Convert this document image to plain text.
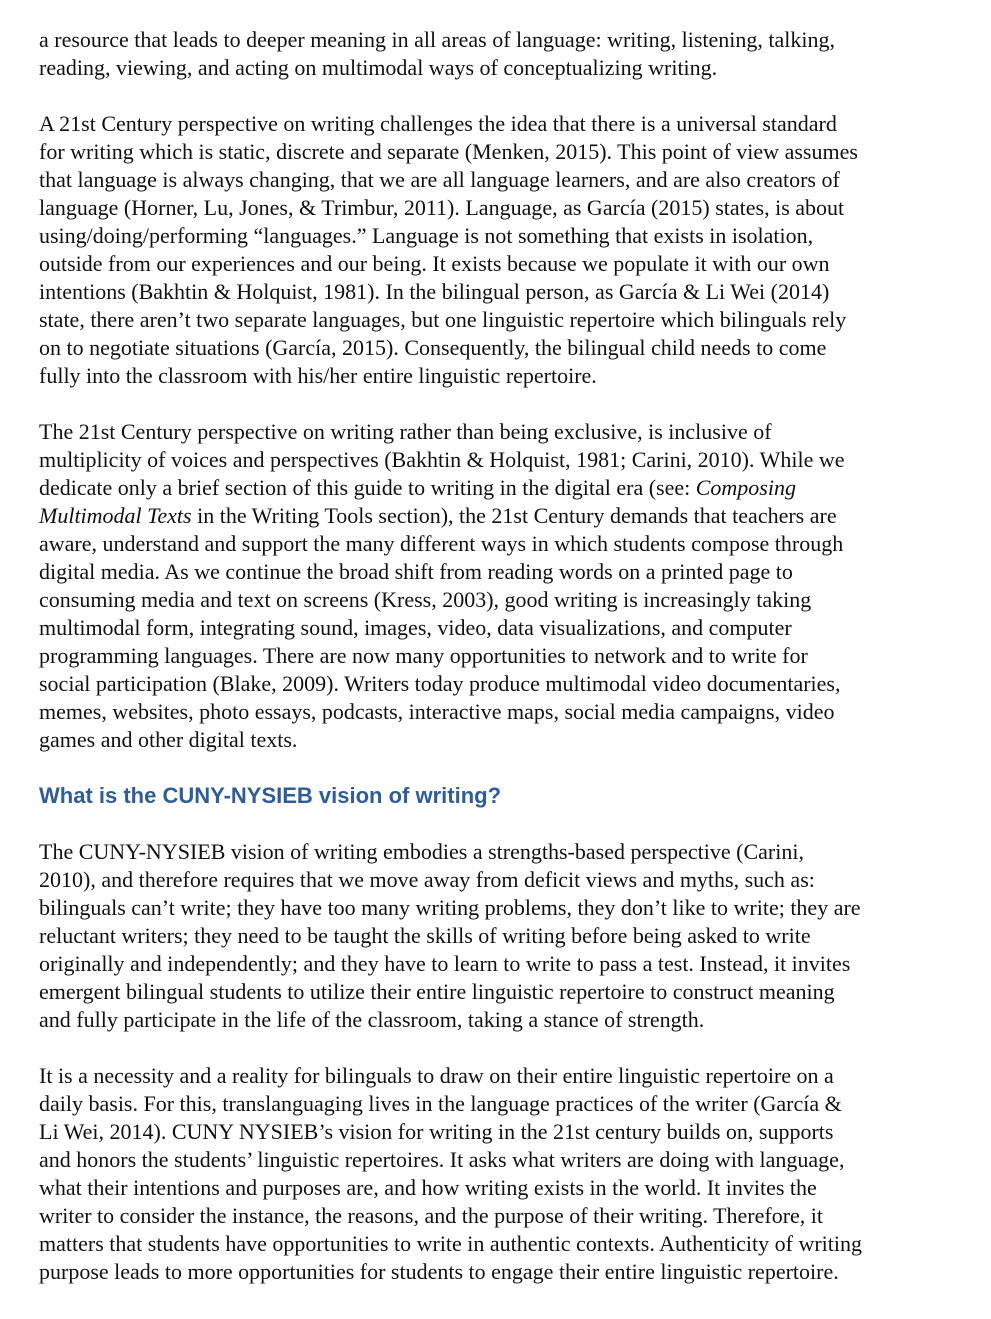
a resource that leads to deeper meaning in all areas of language: writing, listening, talking,
reading, viewing, and acting on multimodal ways of conceptualizing writing.
A 21st Century perspective on writing challenges the idea that there is a universal standard
for writing which is static, discrete and separate (Menken, 2015). This point of view assumes
that language is always changing, that we are all language learners, and are also creators of
language (Horner, Lu, Jones, & Trimbur, 2011). Language, as García (2015) states, is about
using/doing/performing “languages.” Language is not something that exists in isolation,
outside from our experiences and our being. It exists because we populate it with our own
intentions (Bakhtin & Holquist, 1981). In the bilingual person, as García & Li Wei (2014)
state, there aren’t two separate languages, but one linguistic repertoire which bilinguals rely
on to negotiate situations (García, 2015). Consequently, the bilingual child needs to come
fully into the classroom with his/her entire linguistic repertoire.
The 21st Century perspective on writing rather than being exclusive, is inclusive of
multiplicity of voices and perspectives (Bakhtin & Holquist, 1981; Carini, 2010). While we
dedicate only a brief section of this guide to writing in the digital era (see: Composing
Multimodal Texts in the Writing Tools section), the 21st Century demands that teachers are
aware, understand and support the many different ways in which students compose through
digital media. As we continue the broad shift from reading words on a printed page to
consuming media and text on screens (Kress, 2003), good writing is increasingly taking
multimodal form, integrating sound, images, video, data visualizations, and computer
programming languages. There are now many opportunities to network and to write for
social participation (Blake, 2009). Writers today produce multimodal video documentaries,
memes, websites, photo essays, podcasts, interactive maps, social media campaigns, video
games and other digital texts.
What is the CUNY-NYSIEB vision of writing?
The CUNY-NYSIEB vision of writing embodies a strengths-based perspective (Carini,
2010), and therefore requires that we move away from deficit views and myths, such as:
bilinguals can’t write; they have too many writing problems, they don’t like to write; they are
reluctant writers; they need to be taught the skills of writing before being asked to write
originally and independently; and they have to learn to write to pass a test. Instead, it invites
emergent bilingual students to utilize their entire linguistic repertoire to construct meaning
and fully participate in the life of the classroom, taking a stance of strength.
It is a necessity and a reality for bilinguals to draw on their entire linguistic repertoire on a
daily basis. For this, translanguaging lives in the language practices of the writer (García &
Li Wei, 2014). CUNY NYSIEB’s vision for writing in the 21st century builds on, supports
and honors the students’ linguistic repertoires. It asks what writers are doing with language,
what their intentions and purposes are, and how writing exists in the world. It invites the
writer to consider the instance, the reasons, and the purpose of their writing. Therefore, it
matters that students have opportunities to write in authentic contexts. Authenticity of writing
purpose leads to more opportunities for students to engage their entire linguistic repertoire.
